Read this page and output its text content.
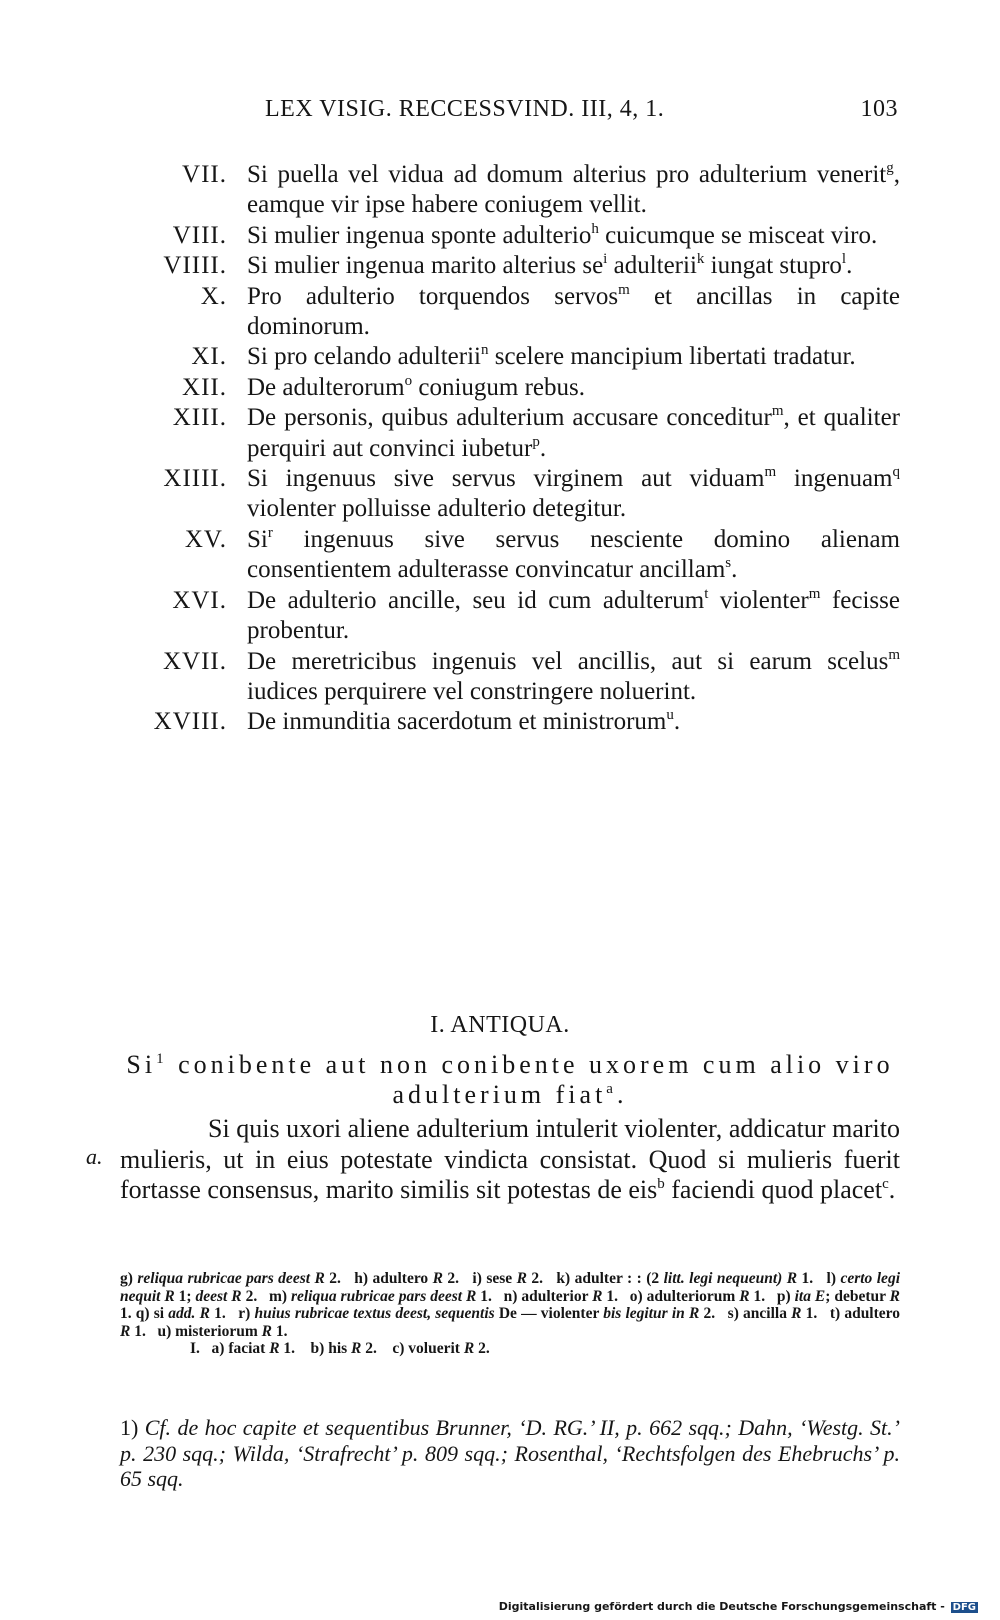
LEX VISIG. RECCESSVIND. III, 4, 1.	103
VII. Si puella vel vidua ad domum alterius pro adulterium venerit$^g$, eamque vir ipse habere coniugem vellit.
VIII. Si mulier ingenua sponte adulterio$^h$ cuicumque se misceat viro.
VIIII. Si mulier ingenua marito alterius $se^i$ adulterii$^k$ iungat stupro$^l$.
X. Pro adulterio torquendos servos$^m$ et ancillas in capite dominorum.
XI. Si pro celando adulterii$^n$ scelere mancipium libertati tradatur.
XII. De adulterorum$^o$ coniugum rebus.
XIII. De personis, quibus adulterium accusare conceditur$^m$, et qualiter perquiri aut convinci iubetur$^p$.
XIIII. Si ingenuus sive servus virginem aut viduam$^m$ ingenuam$^q$ violenter polluisse adulterio detegitur.
XV. Si$^r$ ingenuus sive servus nesciente domino alienam consentientem adulterasse convincatur ancillam$^s$.
XVI. De adulterio ancille, seu id cum adulterum$^t$ violenter$^m$ fecisse probentur.
XVII. De meretricibus ingenuis vel ancillis, aut si earum scelus$^m$ iudices perquirere vel constringere noluerint.
XVIII. De inmunditia sacerdotum et ministrorum$^u$.
I. ANTIQUA.
Si$^1$ conibente aut non conibente uxorem cum alio viro adulterium fiat$^a$.
a.
Si quis uxori aliene adulterium intulerit violenter, addicatur marito mulieris, ut in eius potestate vindicta consistat. Quod si mulieris fuerit fortasse consensus, marito similis sit potestas de eis$^b$ faciendi quod placet$^c$.

g) reliqua rubricae pars deest R 2.   h) adultero R 2.   i) sese R 2.   k) adulter : : (2 litt. legi nequeunt) R 1.   l) certo legi nequit R 1; deest R 2.   m) reliqua rubricae pars deest R 1.   n) adulterior R 1.   o) adulteriorum R 1.   p) ita E; debetur R 1. q) si add. R 1.   r) huius rubricae textus deest, sequentis De — violenter bis legitur in R 2.   s) ancilla R 1.   t) adultero R 1.   u) misteriorum R 1.

I.   a) faciat R 1.    b) his R 2.    c) voluerit R 2.

1) Cf. de hoc capite et sequentibus Brunner, ‘D. RG.’ II, p. 662 sqq.; Dahn, ‘Westg. St.’ p. 230 sqq.; Wilda, ‘Strafrecht’ p. 809 sqq.; Rosenthal, ‘Rechtsfolgen des Ehebruchs’ p. 65 sqq.
Digitalisierung gefördert durch die Deutsche Forschungsgemeinschaft - DFG
